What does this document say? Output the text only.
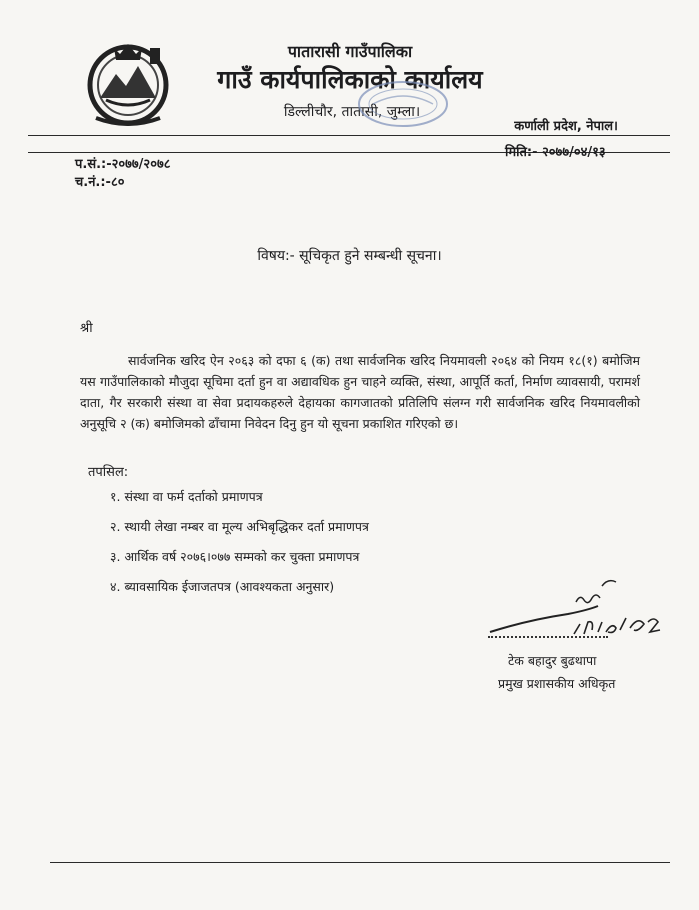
पातारासी गाउँपालिका
गाउँ कार्यपालिकाको कार्यालय
डिल्लीचौर, तातासी, जुम्ला।
कर्णाली प्रदेश, नेपाल।
प.सं.:-२०७७/२०७८
च.नं.:-८०
मिति:- २०७७/०४/१३
विषय:- सूचिकृत हुने सम्बन्धी सूचना।
श्री
सार्वजनिक खरिद ऐन २०६३ को दफा ६ (क) तथा सार्वजनिक खरिद नियमावली २०६४ को नियम १८(१) बमोजिम यस गाउँपालिकाको मौजुदा सूचिमा दर्ता हुन वा अद्यावधिक हुन चाहने व्यक्ति, संस्था, आपूर्ति कर्ता, निर्माण व्यावसायी, परामर्श दाता, गैर सरकारी संस्था वा सेवा प्रदायकहरुले देहायका कागजातको प्रतिलिपि संलग्न गरी सार्वजनिक खरिद नियमावलीको अनुसूचि २ (क) बमोजिमको ढाँचामा निवेदन दिनु हुन यो सूचना प्रकाशित गरिएको छ।
तपसिल:
१. संस्था वा फर्म दर्ताको प्रमाणपत्र
२. स्थायी लेखा नम्बर वा मूल्य अभिबृद्धिकर दर्ता प्रमाणपत्र
३. आर्थिक वर्ष २०७६।०७७ सम्मको कर चुक्ता प्रमाणपत्र
४. ब्यावसायिक ईजाजतपत्र (आवश्यकता अनुसार)
टेक बहादुर बुढथापा
प्रमुख प्रशासकीय अधिकृत
